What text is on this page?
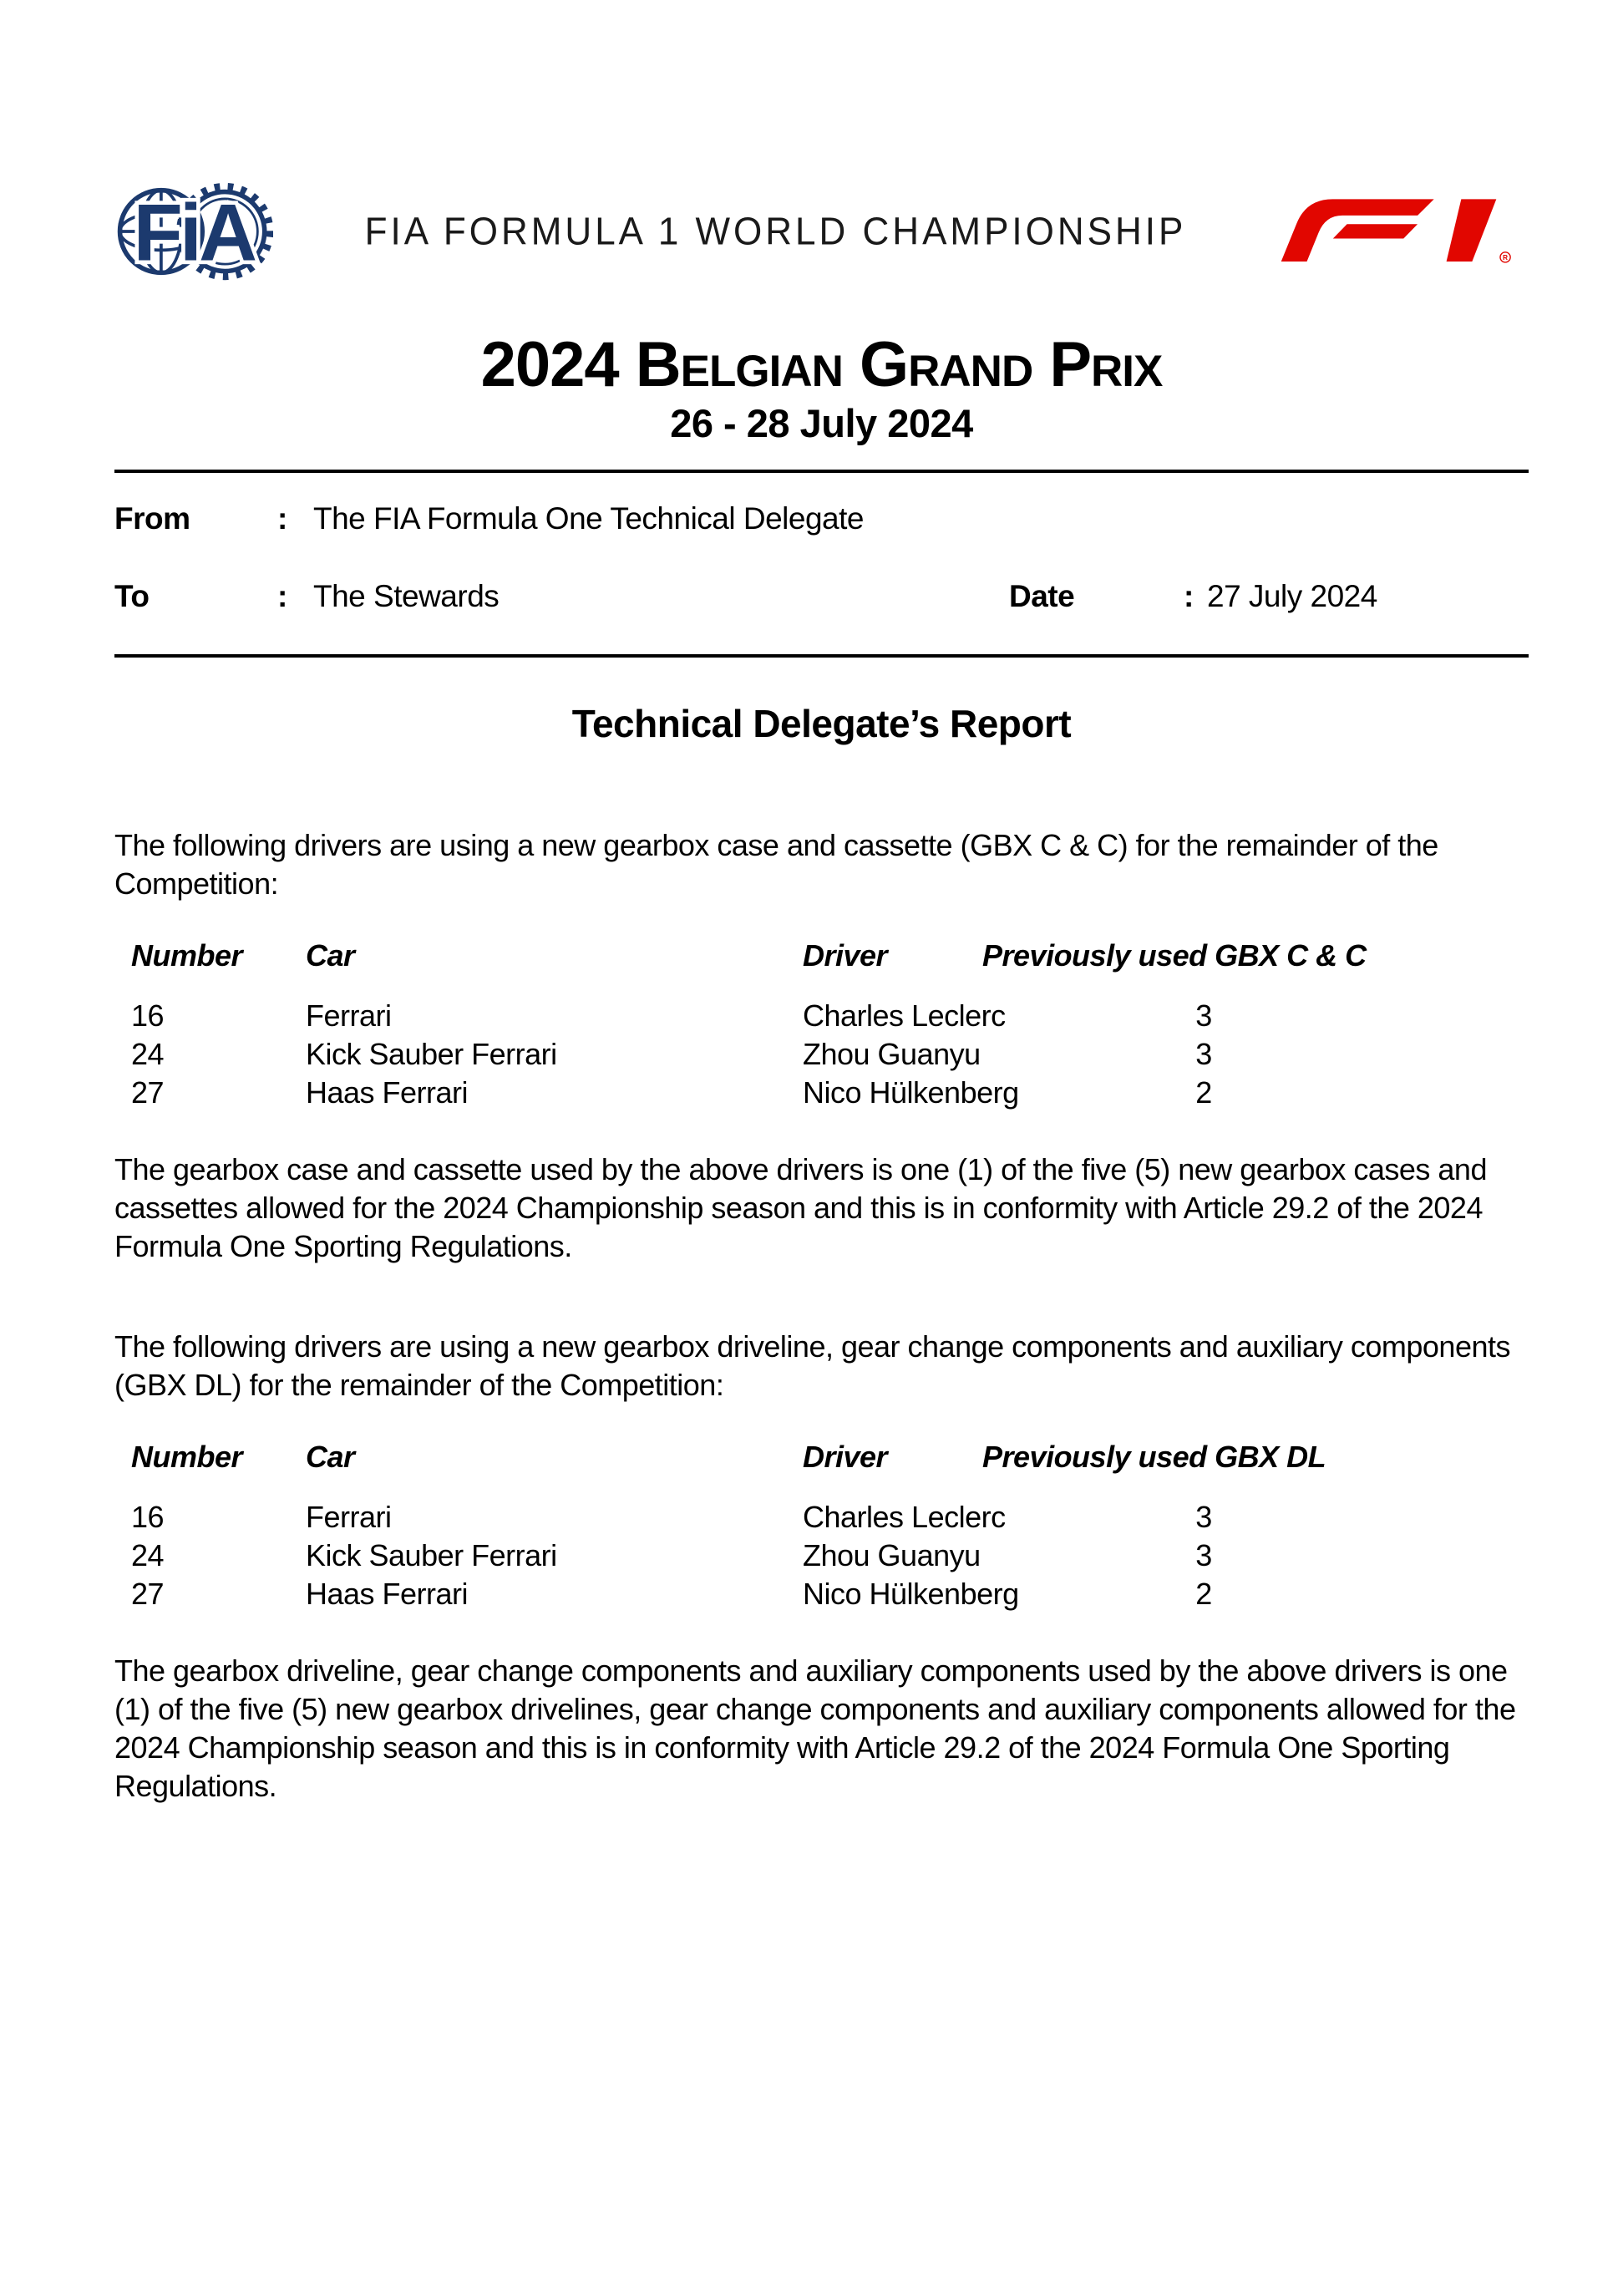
FiA	FIA FORMULA 1 WORLD CHAMPIONSHIP
R
2024 Belgian Grand Prix
26 - 28 July 2024
From	: The FIA Formula One Technical Delegate
To	: The Stewards	Date	: 27 July 2024
Technical Delegate’s Report

The following drivers are using a new gearbox case and cassette (GBX C & C) for the remainder of the Competition:

Number	Car	Driver	Previously used GBX C & C
16	Ferrari	Charles Leclerc	3
24	Kick Sauber Ferrari	Zhou Guanyu	3
27	Haas Ferrari	Nico Hülkenberg	2

The gearbox case and cassette used by the above drivers is one (1) of the five (5) new gearbox cases and cassettes allowed for the 2024 Championship season and this is in conformity with Article 29.2 of the 2024 Formula One Sporting Regulations.

The following drivers are using a new gearbox driveline, gear change components and auxiliary components (GBX DL) for the remainder of the Competition:

Number	Car	Driver	Previously used GBX DL
16	Ferrari	Charles Leclerc	3
24	Kick Sauber Ferrari	Zhou Guanyu	3
27	Haas Ferrari	Nico Hülkenberg	2

The gearbox driveline, gear change components and auxiliary components used by the above drivers is one (1) of the five (5) new gearbox drivelines, gear change components and auxiliary components allowed for the 2024 Championship season and this is in conformity with Article 29.2 of the 2024 Formula One Sporting Regulations.
